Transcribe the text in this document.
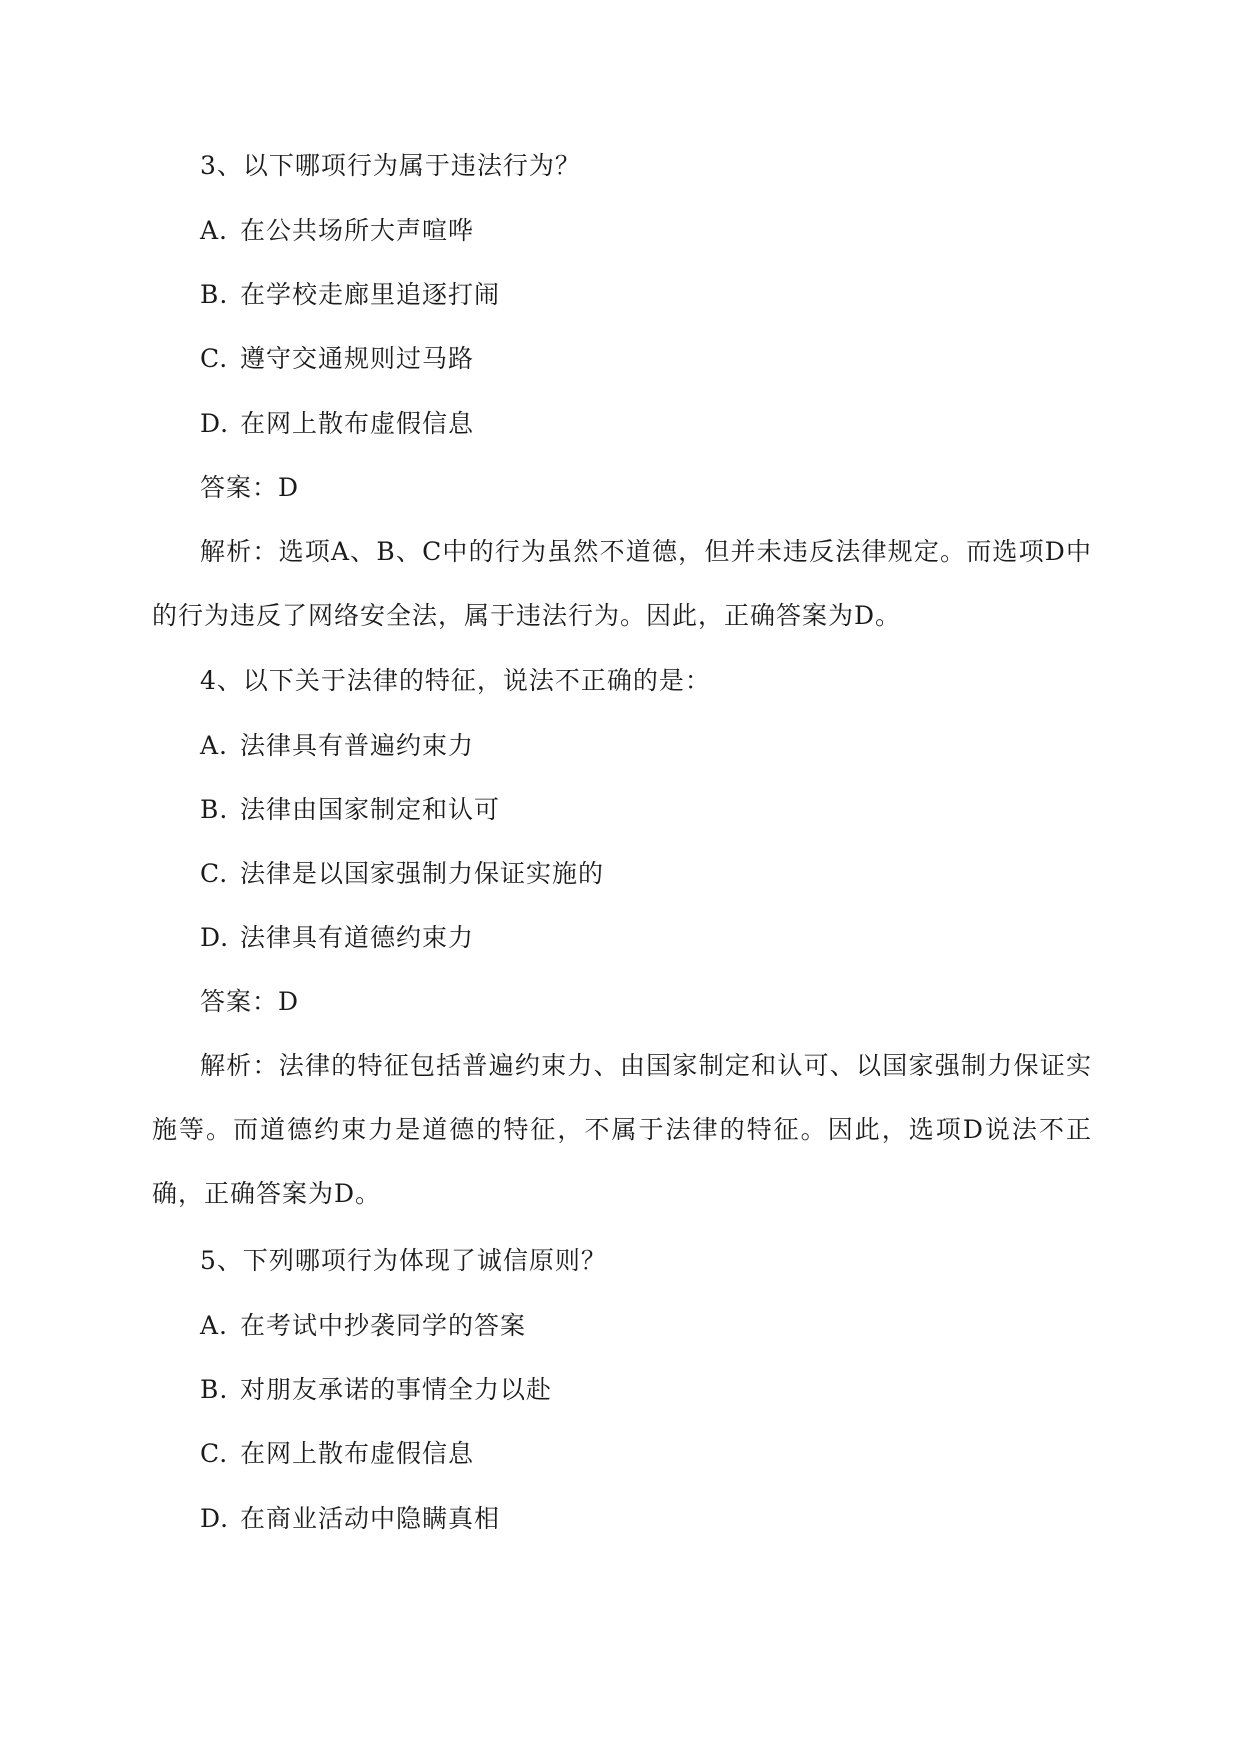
3、以下哪项行为属于违法行为？
A. 在公共场所大声喧哗
B. 在学校走廊里追逐打闹
C. 遵守交通规则过马路
D. 在网上散布虚假信息
答案：D
解析：选项A、B、C中的行为虽然不道德，但并未违反法律规定。而选项D中的行为违反了网络安全法，属于违法行为。因此，正确答案为D。
4、以下关于法律的特征，说法不正确的是：
A. 法律具有普遍约束力
B. 法律由国家制定和认可
C. 法律是以国家强制力保证实施的
D. 法律具有道德约束力
答案：D
解析：法律的特征包括普遍约束力、由国家制定和认可、以国家强制力保证实施等。而道德约束力是道德的特征，不属于法律的特征。因此，选项D说法不正确，正确答案为D。
5、下列哪项行为体现了诚信原则？
A. 在考试中抄袭同学的答案
B. 对朋友承诺的事情全力以赴
C. 在网上散布虚假信息
D. 在商业活动中隐瞒真相
